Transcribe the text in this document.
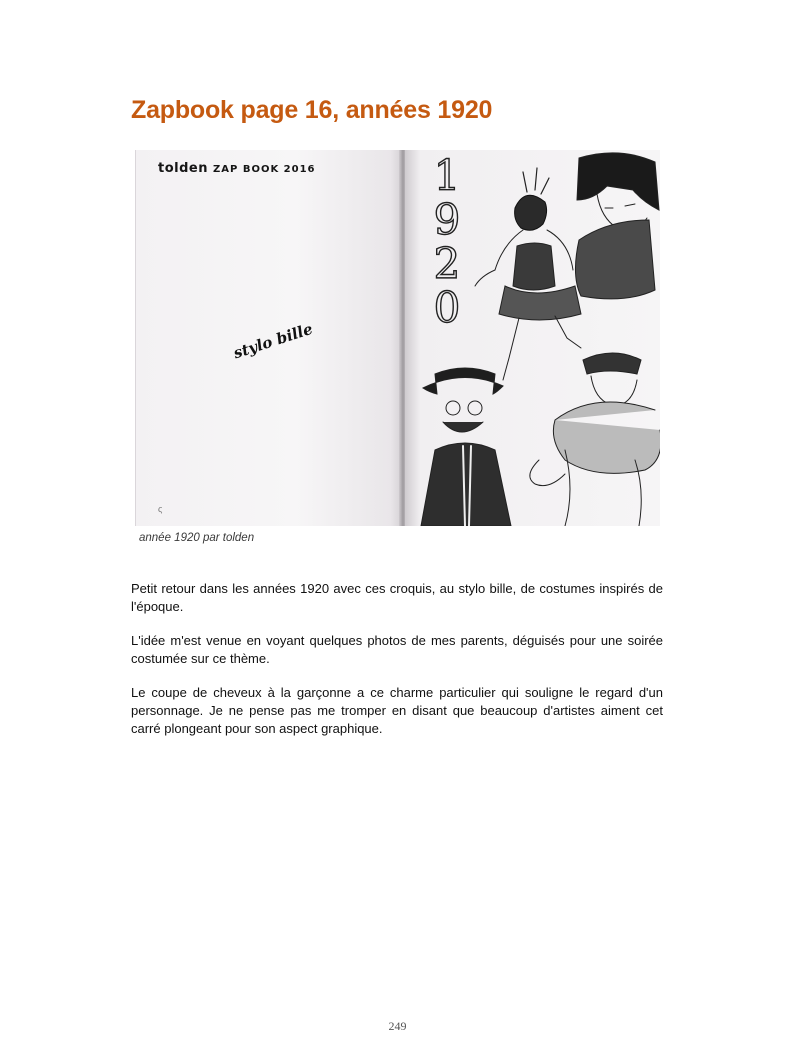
Zapbook page 16, années 1920
tolden ZAP BOOK 2016
stylo bille
ς
1
9
2
0

année 1920 par tolden

Petit retour dans les années 1920 avec ces croquis, au stylo bille, de costumes inspirés de l'époque.

L'idée m'est venue en voyant quelques photos de mes parents, déguisés pour une soirée costumée sur ce thème.

Le coupe de cheveux à la garçonne a ce charme particulier qui souligne le regard d'un personnage. Je ne pense pas me tromper en disant que beaucoup d'artistes aiment cet carré plongeant pour son aspect graphique.

249
